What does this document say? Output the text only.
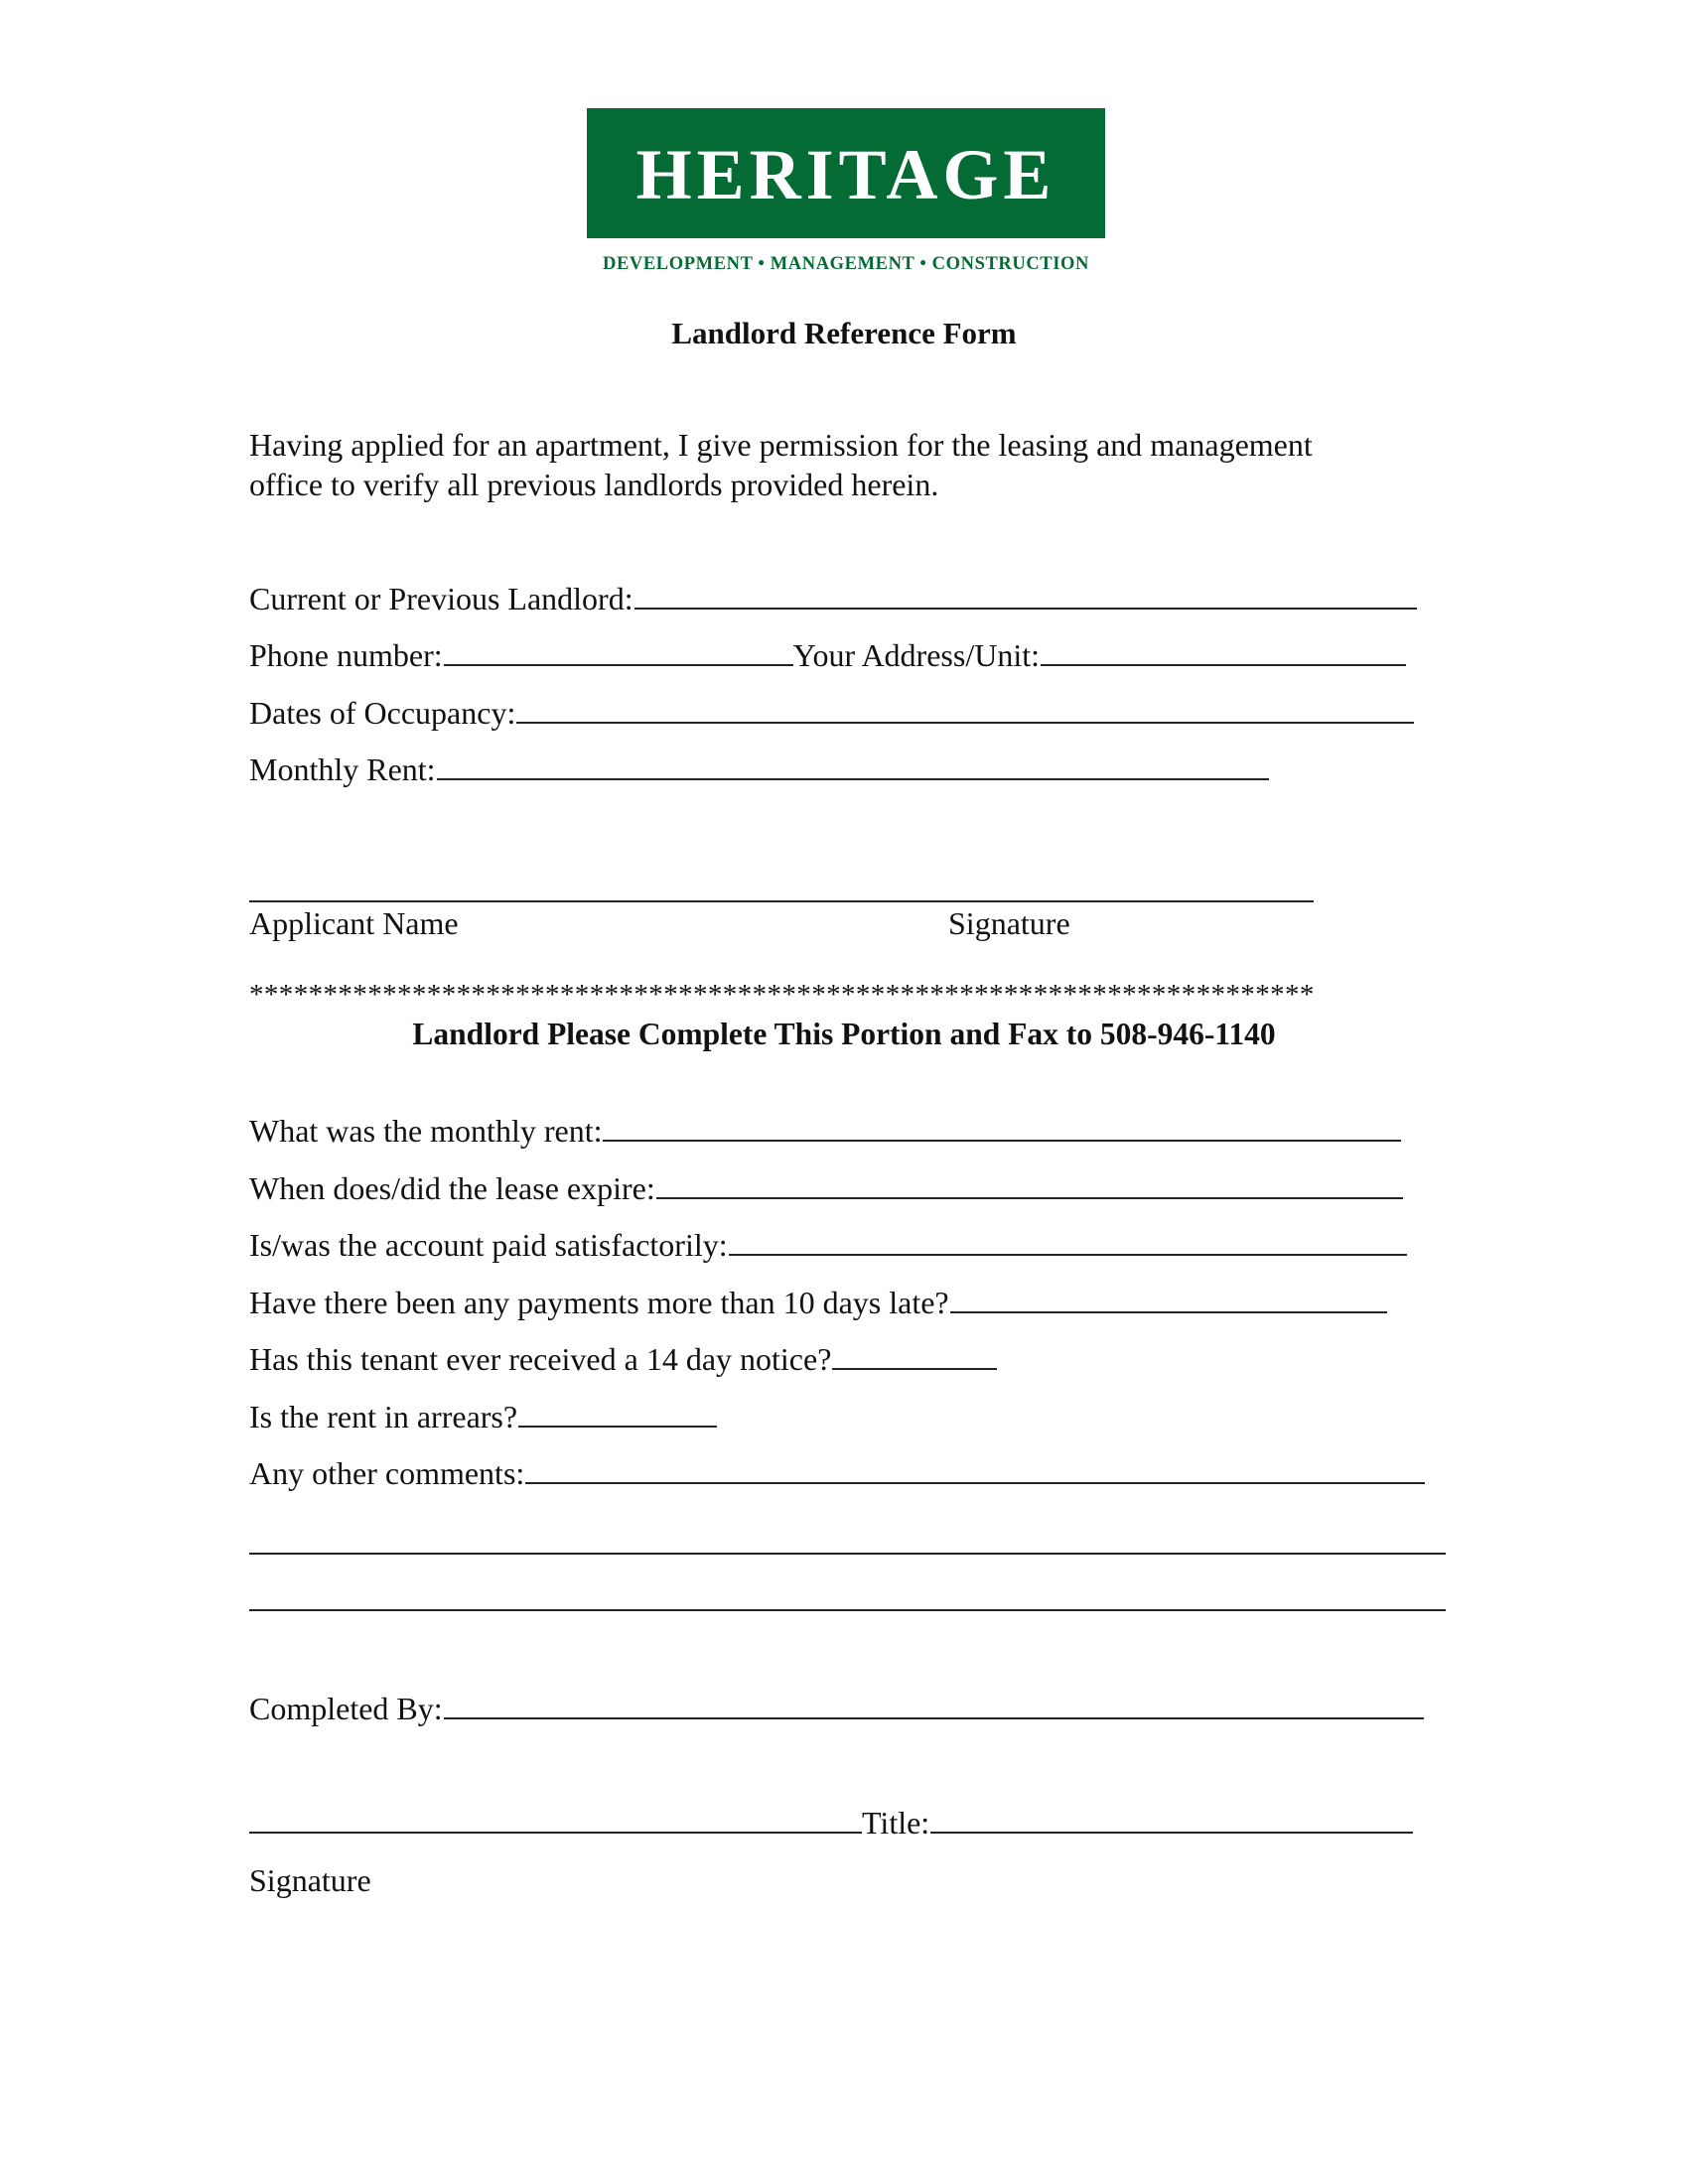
HERITAGE
DEVELOPMENT • MANAGEMENT • CONSTRUCTION
Landlord Reference Form
Having applied for an apartment, I give permission for the leasing and management
office to verify all previous landlords provided herein.
Current or Previous Landlord:
Phone number:	Your Address/Unit:
Dates of Occupancy:
Monthly Rent:
Applicant Name	Signature
************************************************************************
Landlord Please Complete This Portion and Fax to 508-946-1140
What was the monthly rent:
When does/did the lease expire:
Is/was the account paid satisfactorily:
Have there been any payments more than 10 days late?
Has this tenant ever received a 14 day notice?
Is the rent in arrears?
Any other comments:
Completed By:
Title:
Signature
